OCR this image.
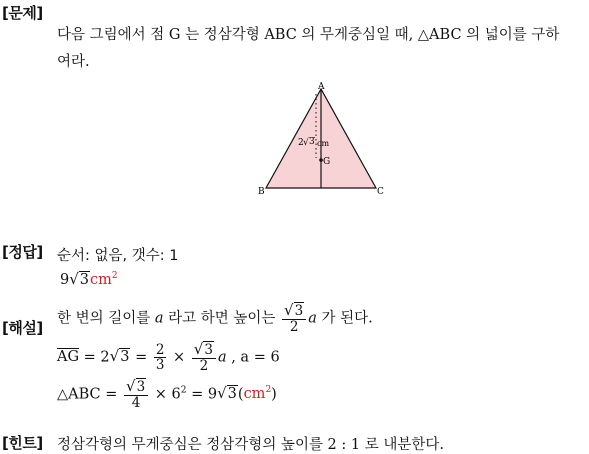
[문제]
다음 그림에서 점 G 는 정삼각형 ABC 의 무게중심일 때, △ABC 의 넓이를 구하
여라.
A
B	C
G
2 √ 3 cm
[정답] 순서: 없음, 갯수: 1
$9√3cm^2$
[해설]
한 변의 길이를 a 라고 하면 높이는 $\frac{√3}{2}$ a 가 된다.
AG = $2√3 = \frac{2}{3} \times \frac{√3}{2}$ a , a = 6
△ABC = $\frac{√3}{4} \times 6^2 = 9√3(cm^2)$
[힌트] 정삼각형의 무게중심은 정삼각형의 높이를 2 : 1 로 내분한다.
